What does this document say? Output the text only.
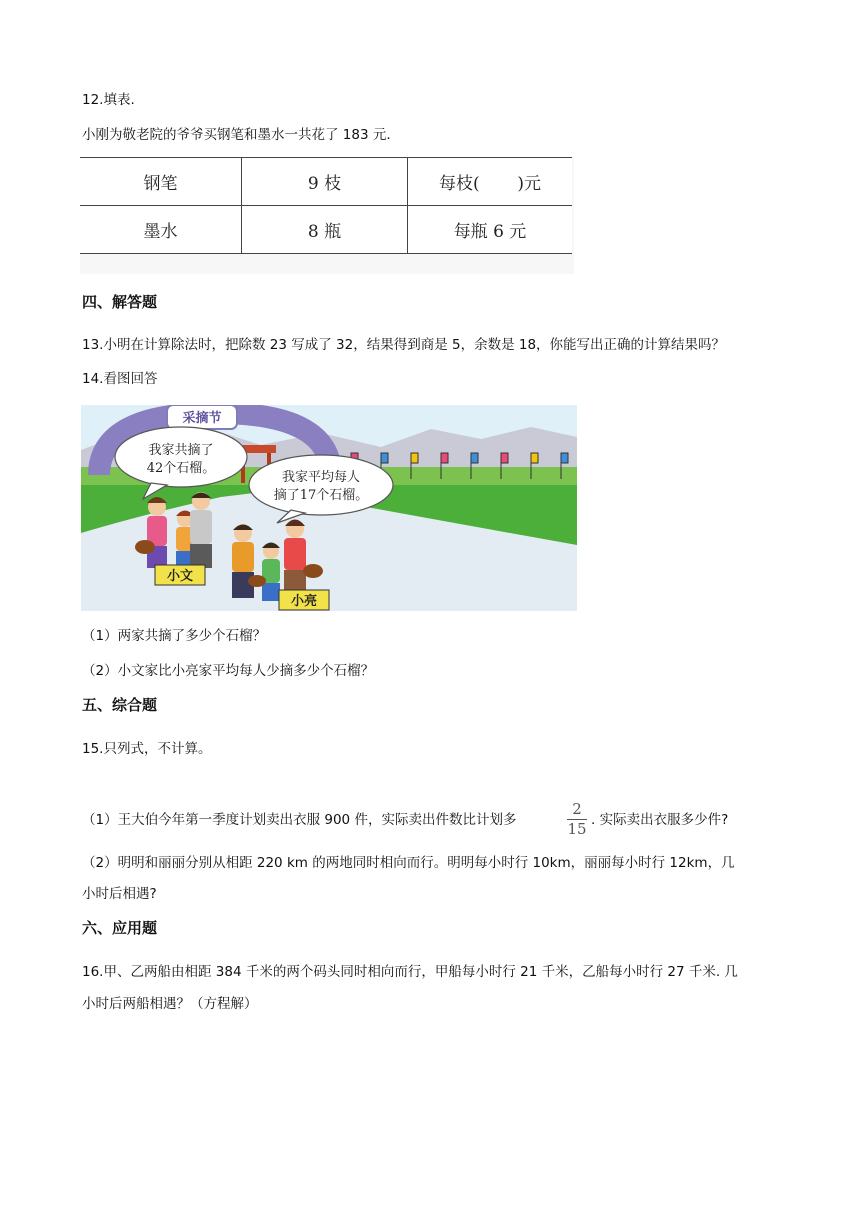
12.填表.
小刚为敬老院的爷爷买钢笔和墨水一共花了 183 元.
钢笔	9 枝	每枝(       )元
墨水	8 瓶	每瓶 6 元
四、解答题
13.小明在计算除法时，把除数 23 写成了 32，结果得到商是 5，余数是 18，你能写出正确的计算结果吗？
14.看图回答
采摘节
我家共摘了
42个石榴。
我家平均每人
摘了17个石榴。
小文
小亮
（1）两家共摘了多少个石榴？
（2）小文家比小亮家平均每人少摘多少个石榴？
五、综合题
15.只列式，不计算。
（1）王大伯今年第一季度计划卖出衣服 900 件，实际卖出件数比计划多
2
15 . 实际卖出衣服多少件?
（2）明明和丽丽分别从相距 220 km 的两地同时相向而行。明明每小时行 10km，丽丽每小时行 12km，几
小时后相遇?
六、应用题
16.甲、乙两船由相距 384 千米的两个码头同时相向而行，甲船每小时行 21 千米，乙船每小时行 27 千米. 几
小时后两船相遇？（方程解）
